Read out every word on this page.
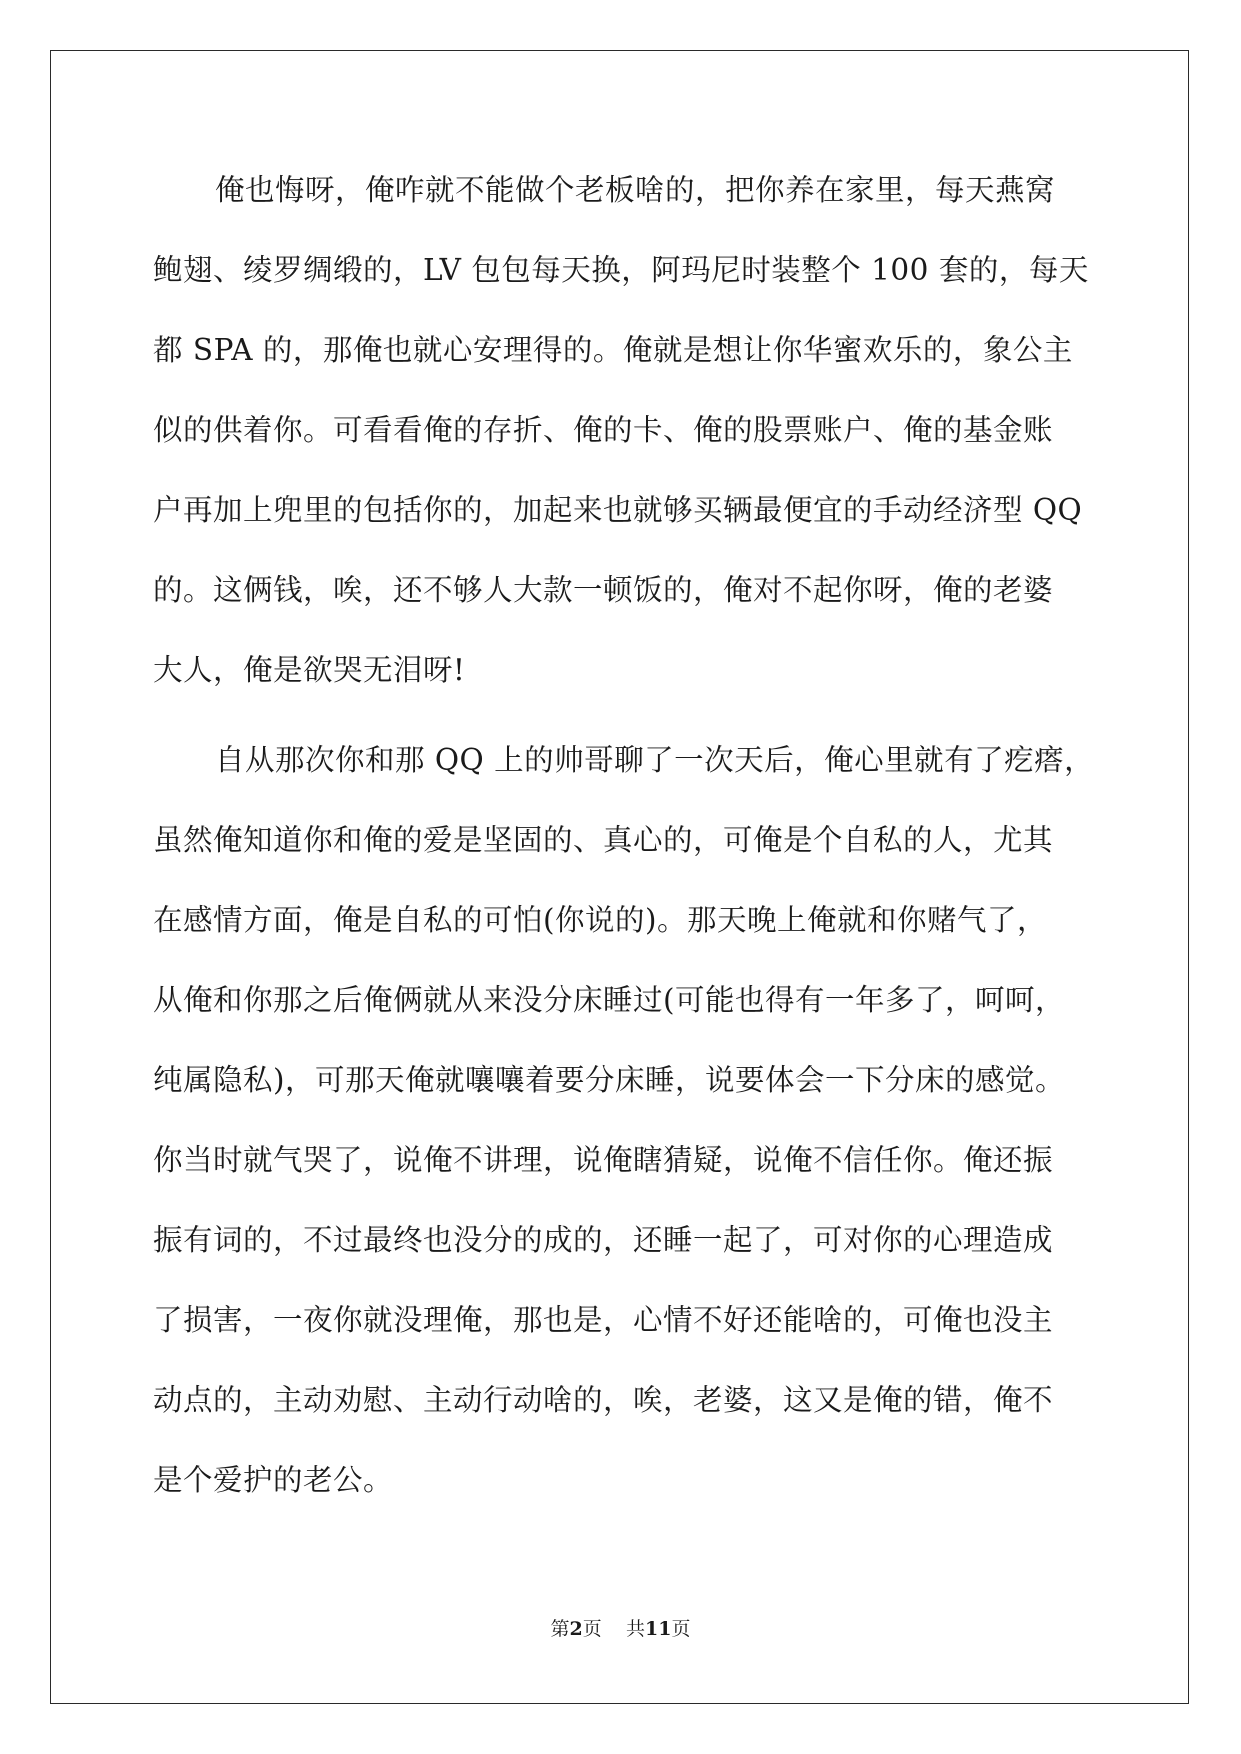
俺也悔呀，俺咋就不能做个老板啥的，把你养在家里，每天燕窝
鲍翅、绫罗绸缎的，LV 包包每天换，阿玛尼时装整个 100 套的，每天
都 SPA 的，那俺也就心安理得的。俺就是想让你华蜜欢乐的，象公主
似的供着你。可看看俺的存折、俺的卡、俺的股票账户、俺的基金账
户再加上兜里的包括你的，加起来也就够买辆最便宜的手动经济型 QQ
的。这俩钱，唉，还不够人大款一顿饭的，俺对不起你呀，俺的老婆
大人，俺是欲哭无泪呀!
自从那次你和那 QQ 上的帅哥聊了一次天后，俺心里就有了疙瘩，
虽然俺知道你和俺的爱是坚固的、真心的，可俺是个自私的人，尤其
在感情方面，俺是自私的可怕(你说的)。那天晚上俺就和你赌气了，
从俺和你那之后俺俩就从来没分床睡过(可能也得有一年多了，呵呵，
纯属隐私)，可那天俺就嚷嚷着要分床睡，说要体会一下分床的感觉。
你当时就气哭了，说俺不讲理，说俺瞎猜疑，说俺不信任你。俺还振
振有词的，不过最终也没分的成的，还睡一起了，可对你的心理造成
了损害，一夜你就没理俺，那也是，心情不好还能啥的，可俺也没主
动点的，主动劝慰、主动行动啥的，唉，老婆，这又是俺的错，俺不
是个爱护的老公。
第2页 共11页
